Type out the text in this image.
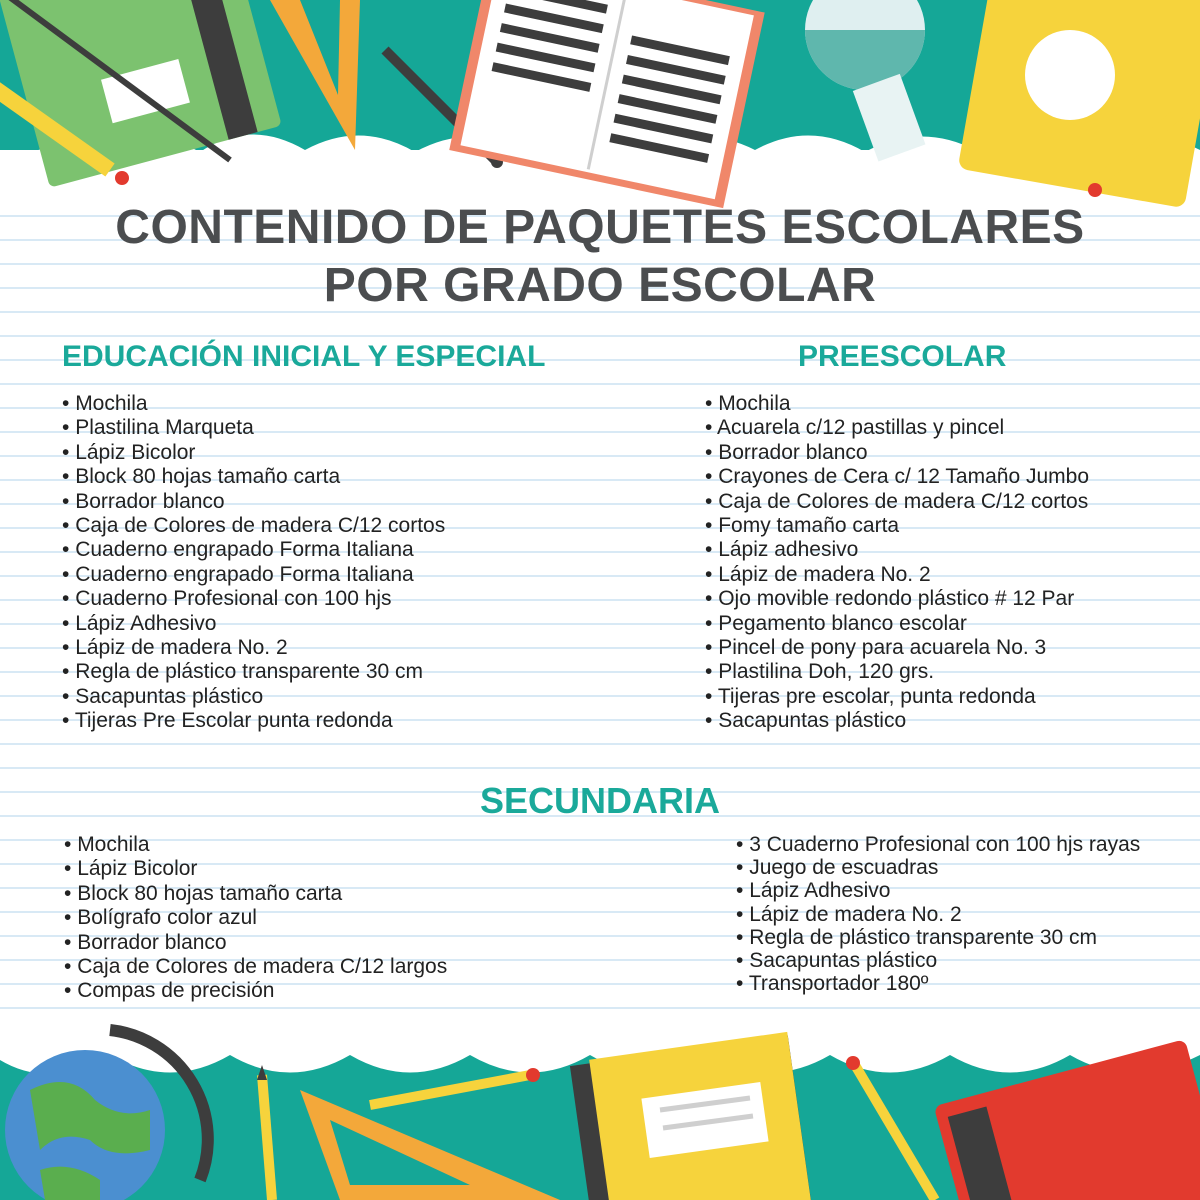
CONTENIDO DE PAQUETES ESCOLARES
POR GRADO ESCOLAR
EDUCACIÓN INICIAL Y ESPECIAL	PREESCOLAR
SECUNDARIA
• Mochila
• Plastilina Marqueta
• Lápiz Bicolor
• Block 80 hojas tamaño carta
• Borrador blanco
• Caja de Colores de madera C/12 cortos
• Cuaderno engrapado Forma Italiana
• Cuaderno engrapado Forma Italiana
• Cuaderno Profesional con 100 hjs
• Lápiz Adhesivo
• Lápiz de madera No. 2
• Regla de plástico transparente 30 cm
• Sacapuntas plástico
• Tijeras Pre Escolar punta redonda
• Mochila
• Acuarela c/12 pastillas y pincel
• Borrador blanco
• Crayones de Cera c/ 12 Tamaño Jumbo
• Caja de Colores de madera C/12 cortos
• Fomy tamaño carta
• Lápiz adhesivo
• Lápiz de madera No. 2
• Ojo movible redondo plástico # 12 Par
• Pegamento blanco escolar
• Pincel de pony para acuarela No. 3
• Plastilina Doh, 120 grs.
• Tijeras pre escolar, punta redonda
• Sacapuntas plástico
• Mochila
• Lápiz Bicolor
• Block 80 hojas tamaño carta
• Bolígrafo color azul
• Borrador blanco
• Caja de Colores de madera C/12 largos
• Compas de precisión
• 3 Cuaderno Profesional con 100 hjs rayas
• Juego de escuadras
• Lápiz Adhesivo
• Lápiz de madera No. 2
• Regla de plástico transparente 30 cm
• Sacapuntas plástico
• Transportador 180º
